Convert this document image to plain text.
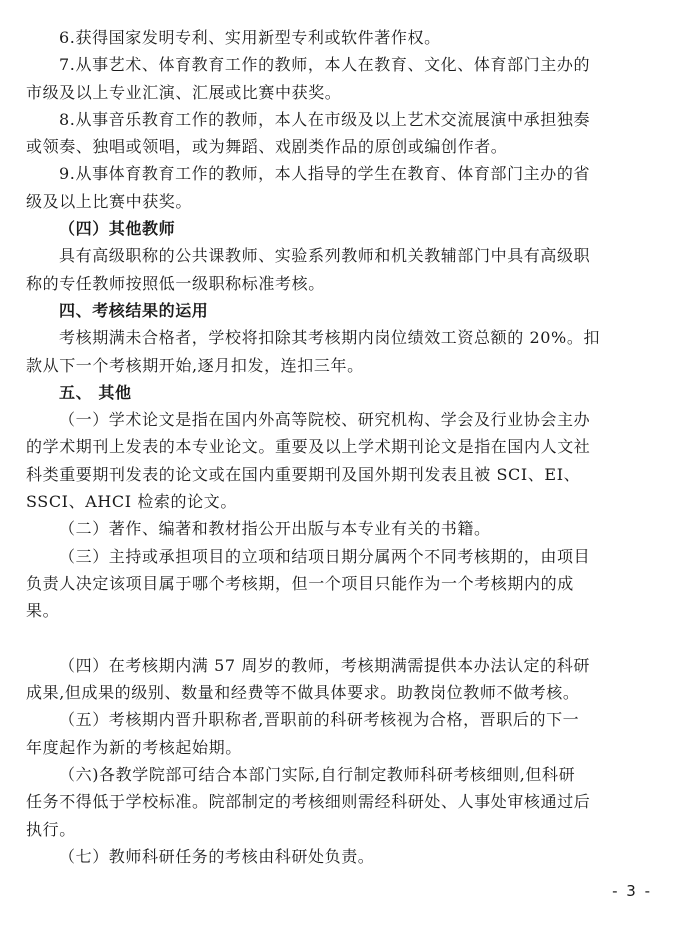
6.获得国家发明专利、实用新型专利或软件著作权。
7.从事艺术、体育教育工作的教师，本人在教育、文化、体育部门主办的
市级及以上专业汇演、汇展或比赛中获奖。
8.从事音乐教育工作的教师，本人在市级及以上艺术交流展演中承担独奏
或领奏、独唱或领唱，或为舞蹈、戏剧类作品的原创或编创作者。
9.从事体育教育工作的教师，本人指导的学生在教育、体育部门主办的省
级及以上比赛中获奖。
（四）其他教师
具有高级职称的公共课教师、实验系列教师和机关教辅部门中具有高级职
称的专任教师按照低一级职称标准考核。
四、考核结果的运用
考核期满未合格者，学校将扣除其考核期内岗位绩效工资总额的 20%。扣
款从下一个考核期开始,逐月扣发，连扣三年。
五、 其他
（一）学术论文是指在国内外高等院校、研究机构、学会及行业协会主办
的学术期刊上发表的本专业论文。重要及以上学术期刊论文是指在国内人文社
科类重要期刊发表的论文或在国内重要期刊及国外期刊发表且被 SCI、EI、
SSCI、AHCI 检索的论文。
（二）著作、编著和教材指公开出版与本专业有关的书籍。
（三）主持或承担项目的立项和结项日期分属两个不同考核期的，由项目
负责人决定该项目属于哪个考核期，但一个项目只能作为一个考核期内的成
果。
（四）在考核期内满 57 周岁的教师，考核期满需提供本办法认定的科研
成果,但成果的级别、数量和经费等不做具体要求。助教岗位教师不做考核。
（五）考核期内晋升职称者,晋职前的科研考核视为合格，晋职后的下一
年度起作为新的考核起始期。
（六)各教学院部可结合本部门实际,自行制定教师科研考核细则,但科研
任务不得低于学校标准。院部制定的考核细则需经科研处、人事处审核通过后
执行。
（七）教师科研任务的考核由科研处负责。
- 3 -
